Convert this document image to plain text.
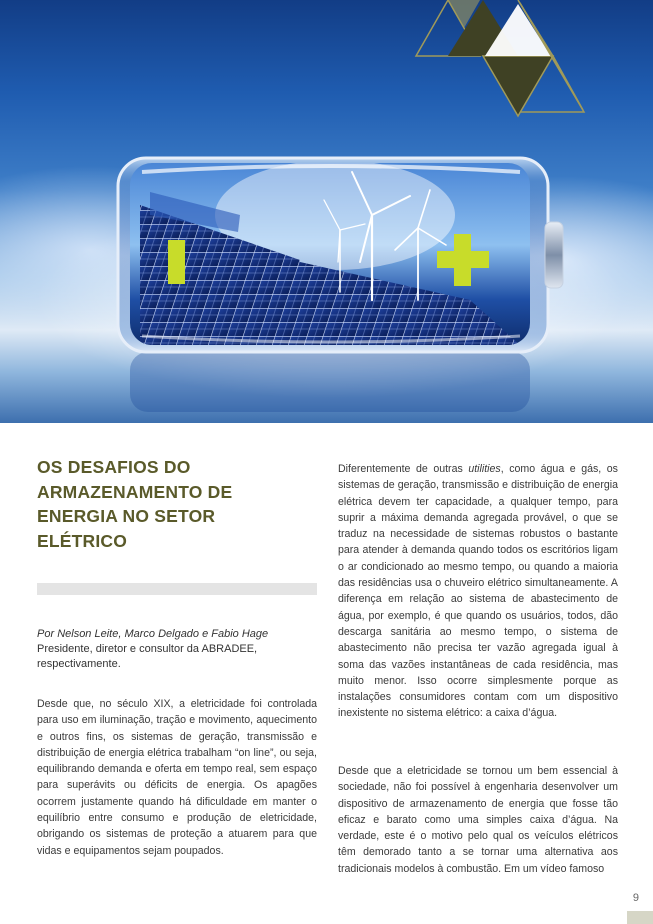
OS DESAFIOS DO ARMAZENAMENTO DE ENERGIA NO SETOR ELÉTRICO
Por Nelson Leite, Marco Delgado e Fabio Hage
Presidente, diretor e consultor da ABRADEE, respectivamente.

Desde que, no século XIX, a eletricidade foi controlada para uso em iluminação, tração e movimento, aquecimento e outros fins, os sistemas de geração, transmissão e distribuição de energia elétrica trabalham “on line”, ou seja, equilibrando demanda e oferta em tempo real, sem espaço para superávits ou déficits de energia. Os apagões ocorrem justamente quando há dificuldade em manter o equilíbrio entre consumo e produção de eletricidade, obrigando os sistemas de proteção a atuarem para que vidas e equipamentos sejam poupados.

Diferentemente de outras utilities, como água e gás, os sistemas de geração, transmissão e distribuição de energia elétrica devem ter capacidade, a qualquer tempo, para suprir a máxima demanda agregada provável, o que se traduz na necessidade de sistemas robustos o bastante para atender à demanda quando todos os escritórios ligam o ar condicionado ao mesmo tempo, ou quando a maioria das residências usa o chuveiro elétrico simultaneamente. A diferença em relação ao sistema de abastecimento de água, por exemplo, é que quando os usuários, todos, dão descarga sanitária ao mesmo tempo, o sistema de abastecimento não precisa ter vazão agregada igual à soma das vazões instantâneas de cada residência, mas muito menor. Isso ocorre simplesmente porque as instalações consumidores contam com um dispositivo inexistente no sistema elétrico: a caixa d’água.

Desde que a eletricidade se tornou um bem essencial à sociedade, não foi possível à engenharia desenvolver um dispositivo de armazenamento de energia que fosse tão eficaz e barato como uma simples caixa d’água. Na verdade, este é o motivo pelo qual os veículos elétricos têm demorado tanto a se tornar uma alternativa aos tradicionais modelos à combustão. Em um vídeo famoso

9
